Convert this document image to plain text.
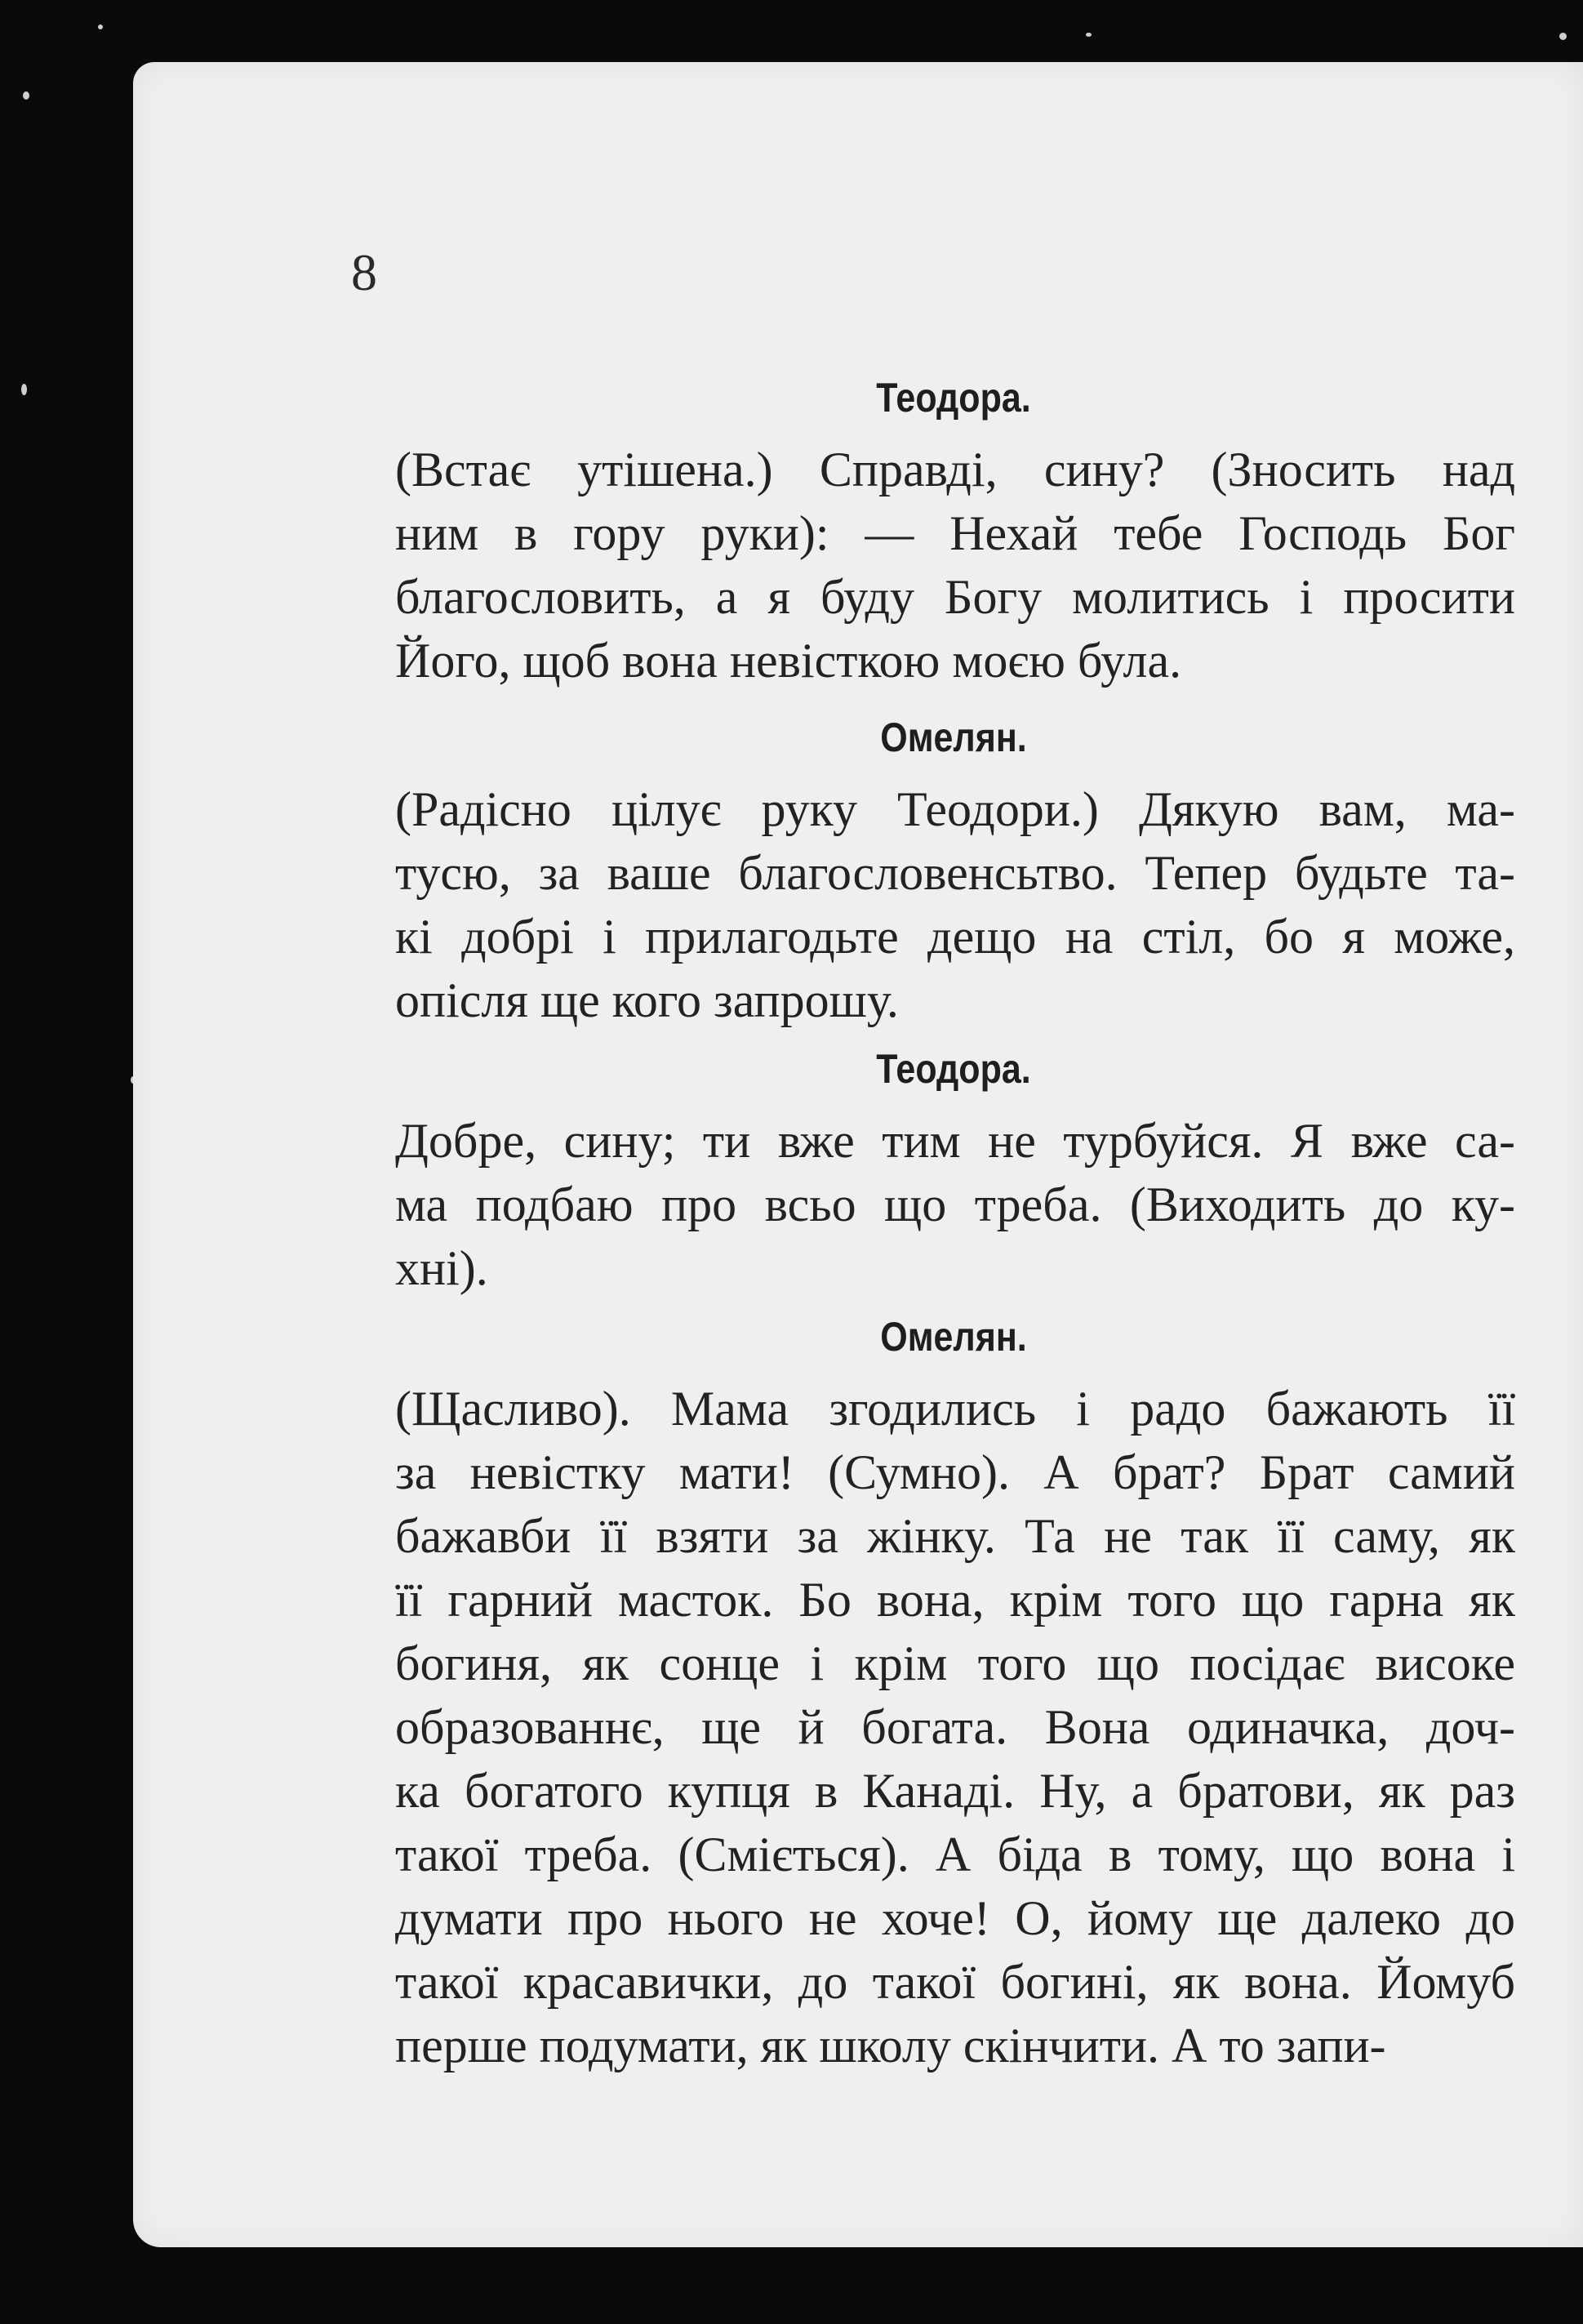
8
Теодора.
(Встає утішена.) Справді, сину? (Зносить над
ним в гору руки): — Нехай тебе Господь Бог
благословить, а я буду Богу молитись і просити
Його, щоб вона невісткою моєю була.
Омелян.
(Радісно цілує руку Теодори.) Дякую вам, ма-
тусю, за ваше благословенсьтво. Тепер будьте та-
кі добрі і прилагодьте дещо на стіл, бо я може,
опісля ще кого запрошу.
Теодора.
Добре, сину; ти вже тим не турбуйся. Я вже са-
ма подбаю про всьо що треба. (Виходить до ку-
хні).
Омелян.
(Щасливо). Мама згодились і радо бажають її
за невістку мати! (Сумно). А брат? Брат самий
бажавби її взяти за жінку. Та не так її саму, як
її гарний масток. Бо вона, крім того що гарна як
богиня, як сонце і крім того що посідає високе
образованнє, ще й богата. Вона одиначка, доч-
ка богатого купця в Канаді. Ну, а братови, як раз
такої треба. (Сміється). А біда в тому, що вона і
думати про нього не хоче! О, йому ще далеко до
такої красавички, до такої богині, як вона. Йомуб
перше подумати, як школу скінчити. А то запи-
